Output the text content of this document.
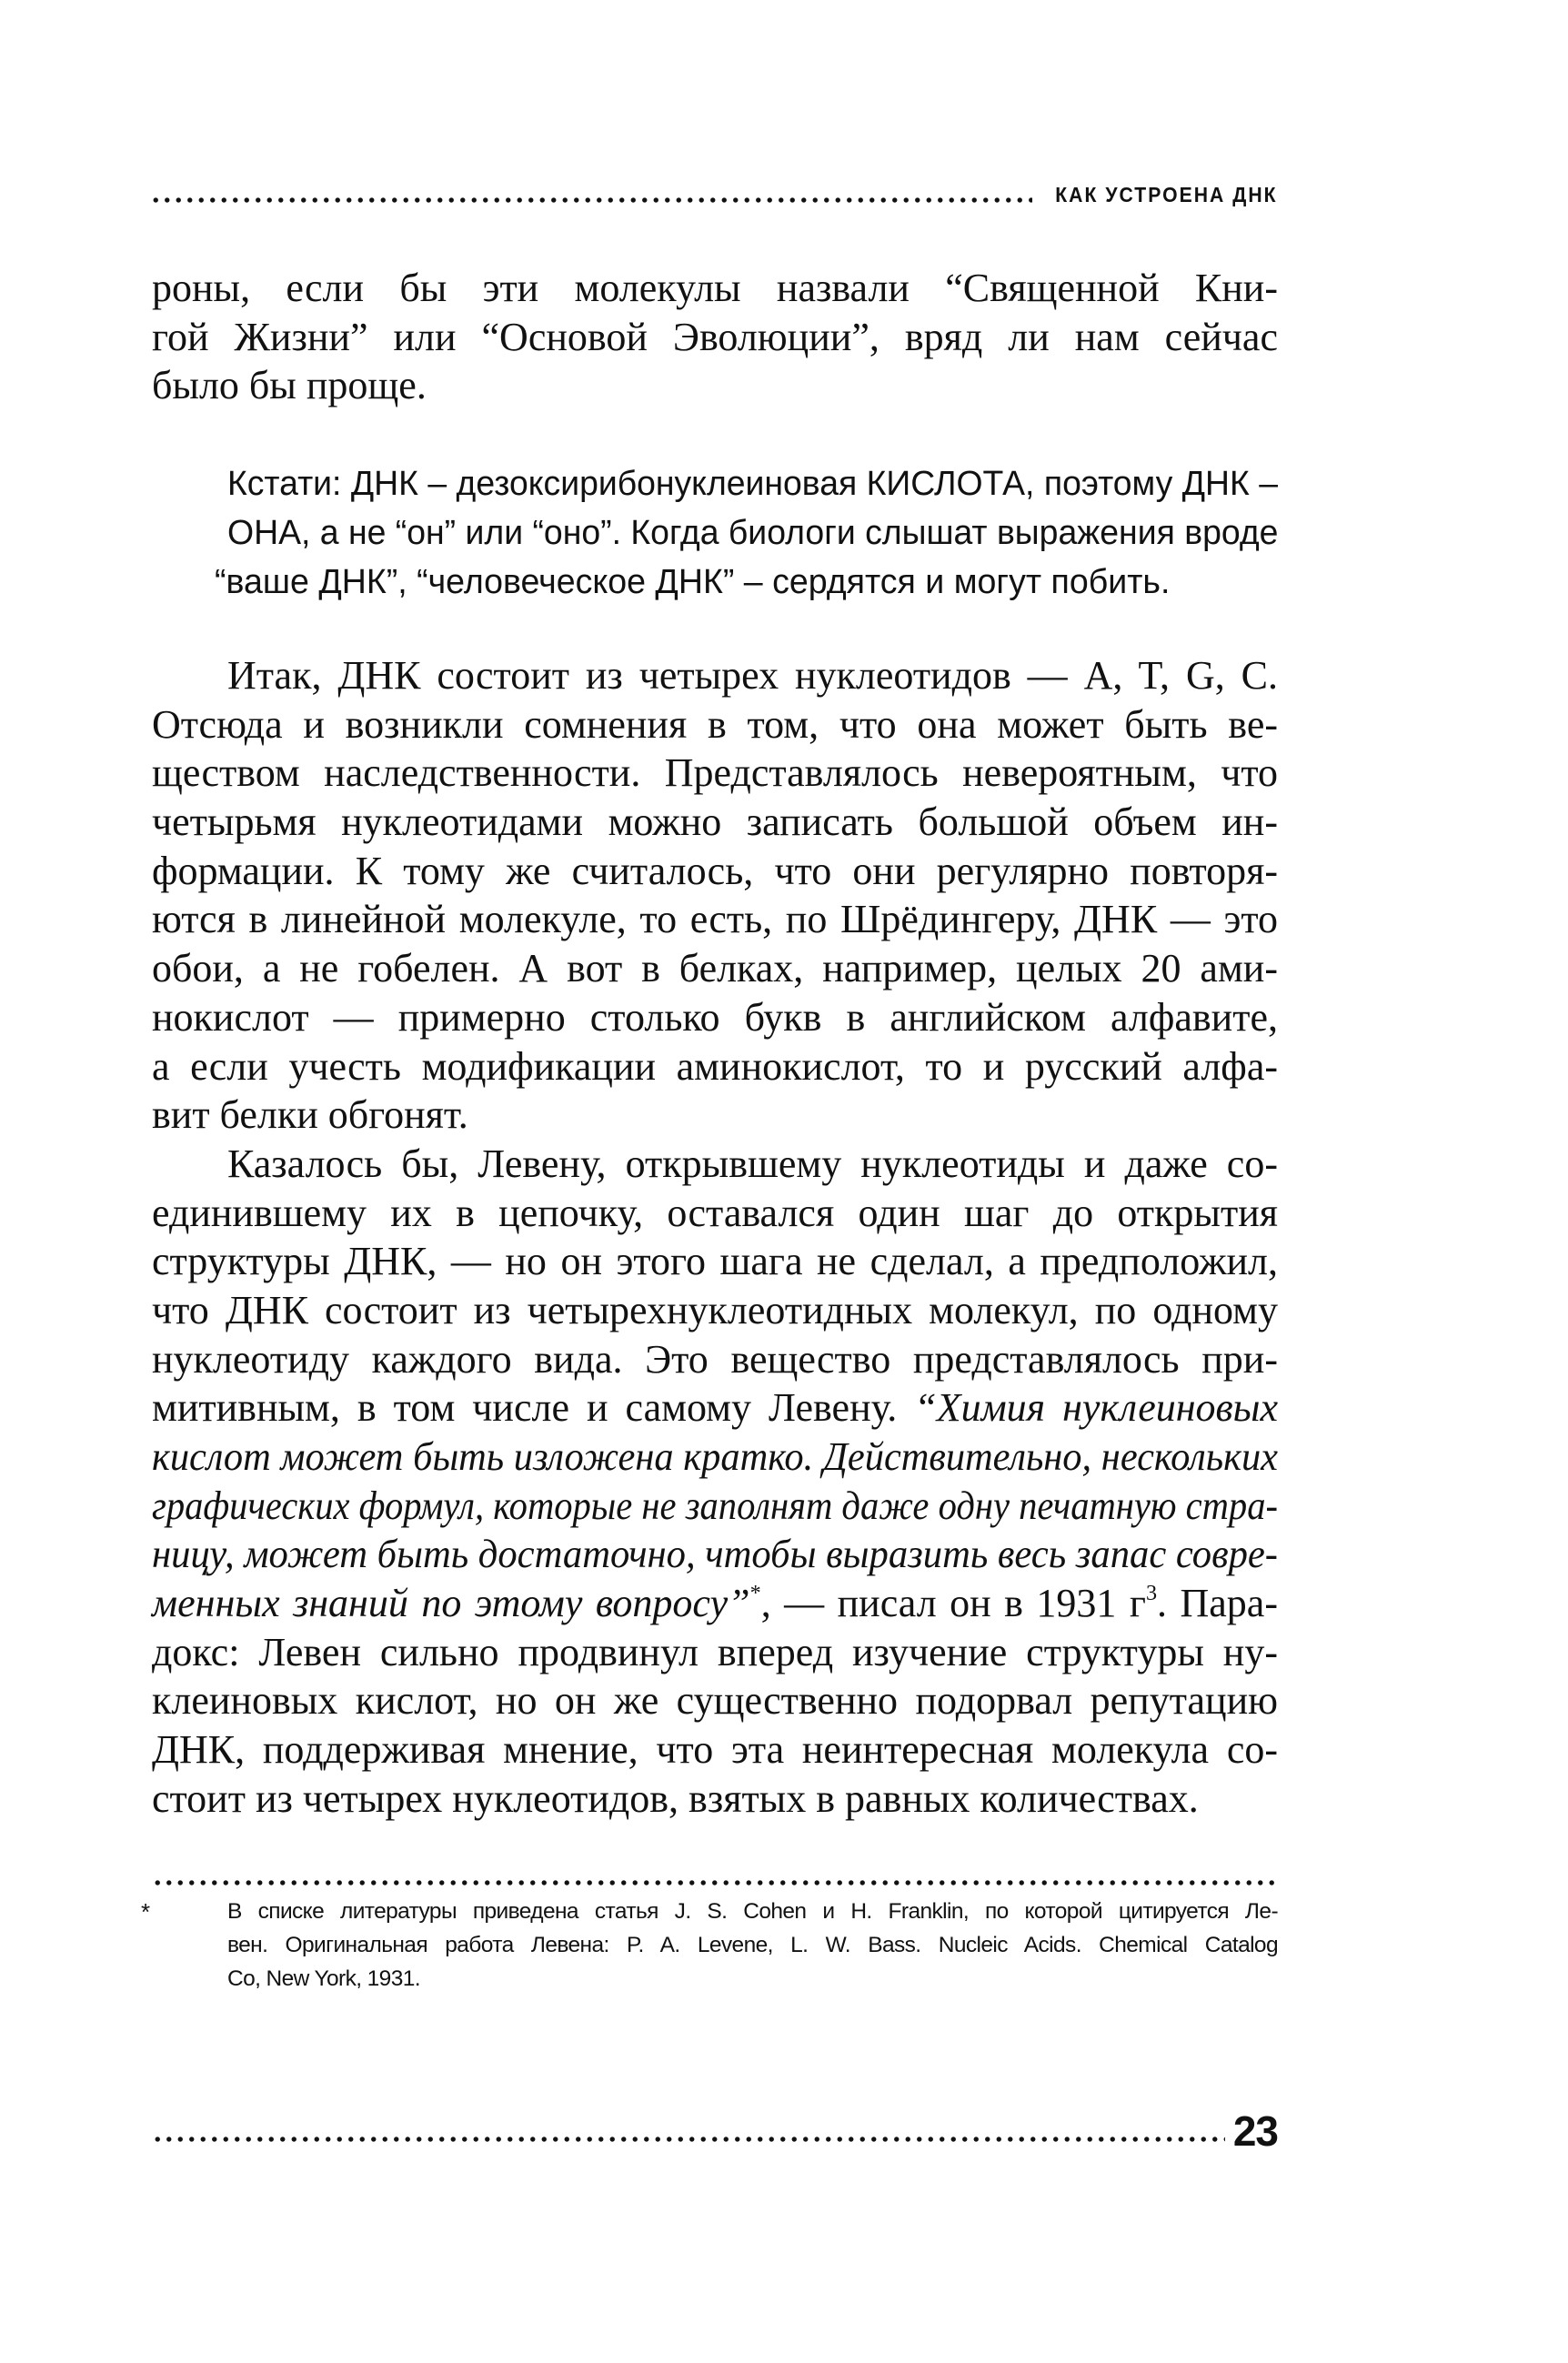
КАК УСТРОЕНА ДНК
роны, если бы эти молекулы назвали “Священной Кни-
гой Жизни” или “Основой Эволюции”, вряд ли нам сейчас
было бы проще.
Кстати: ДНК – дезоксирибонуклеиновая КИСЛОТА, поэтому ДНК –
ОНА, а не “он” или “оно”. Когда биологи слышат выражения вроде
“ваше ДНК”, “человеческое ДНК” – сердятся и могут побить.
Итак, ДНК состоит из четырех нуклеотидов — A, T, G, C.
Отсюда и возникли сомнения в том, что она может быть ве-
ществом наследственности. Представлялось невероятным, что
четырьмя нуклеотидами можно записать большой объем ин-
формации. К тому же считалось, что они регулярно повторя-
ются в линейной молекуле, то есть, по Шрёдингеру, ДНК — это
обои, а не гобелен. А вот в белках, например, целых 20 ами-
нокислот — примерно столько букв в английском алфавите,
а если учесть модификации аминокислот, то и русский алфа-
вит белки обгонят.
Казалось бы, Левену, открывшему нуклеотиды и даже со-
единившему их в цепочку, оставался один шаг до открытия
структуры ДНК, — но он этого шага не сделал, а предположил,
что ДНК состоит из четырехнуклеотидных молекул, по одному
нуклеотиду каждого вида. Это вещество представлялось при-
митивным, в том числе и самому Левену. “Химия нуклеиновых
кислот может быть изложена кратко. Действительно, нескольких
графических формул, которые не заполнят даже одну печатную стра-
ницу, может быть достаточно, чтобы выразить весь запас совре-
менных знаний по этому вопросу”*, — писал он в 1931 $г^3$. Пара-
докс: Левен сильно продвинул вперед изучение структуры ну-
клеиновых кислот, но он же существенно подорвал репутацию
ДНК, поддерживая мнение, что эта неинтересная молекула со-
стоит из четырех нуклеотидов, взятых в равных количествах.
*	В списке литературы приведена статья J. S. Cohen и H. Franklin, по которой цитируется Ле-
вен. Оригинальная работа Левена: P. A. Levene, L. W. Bass. Nucleic Acids. Chemical Catalog
Co, New York, 1931.
23
